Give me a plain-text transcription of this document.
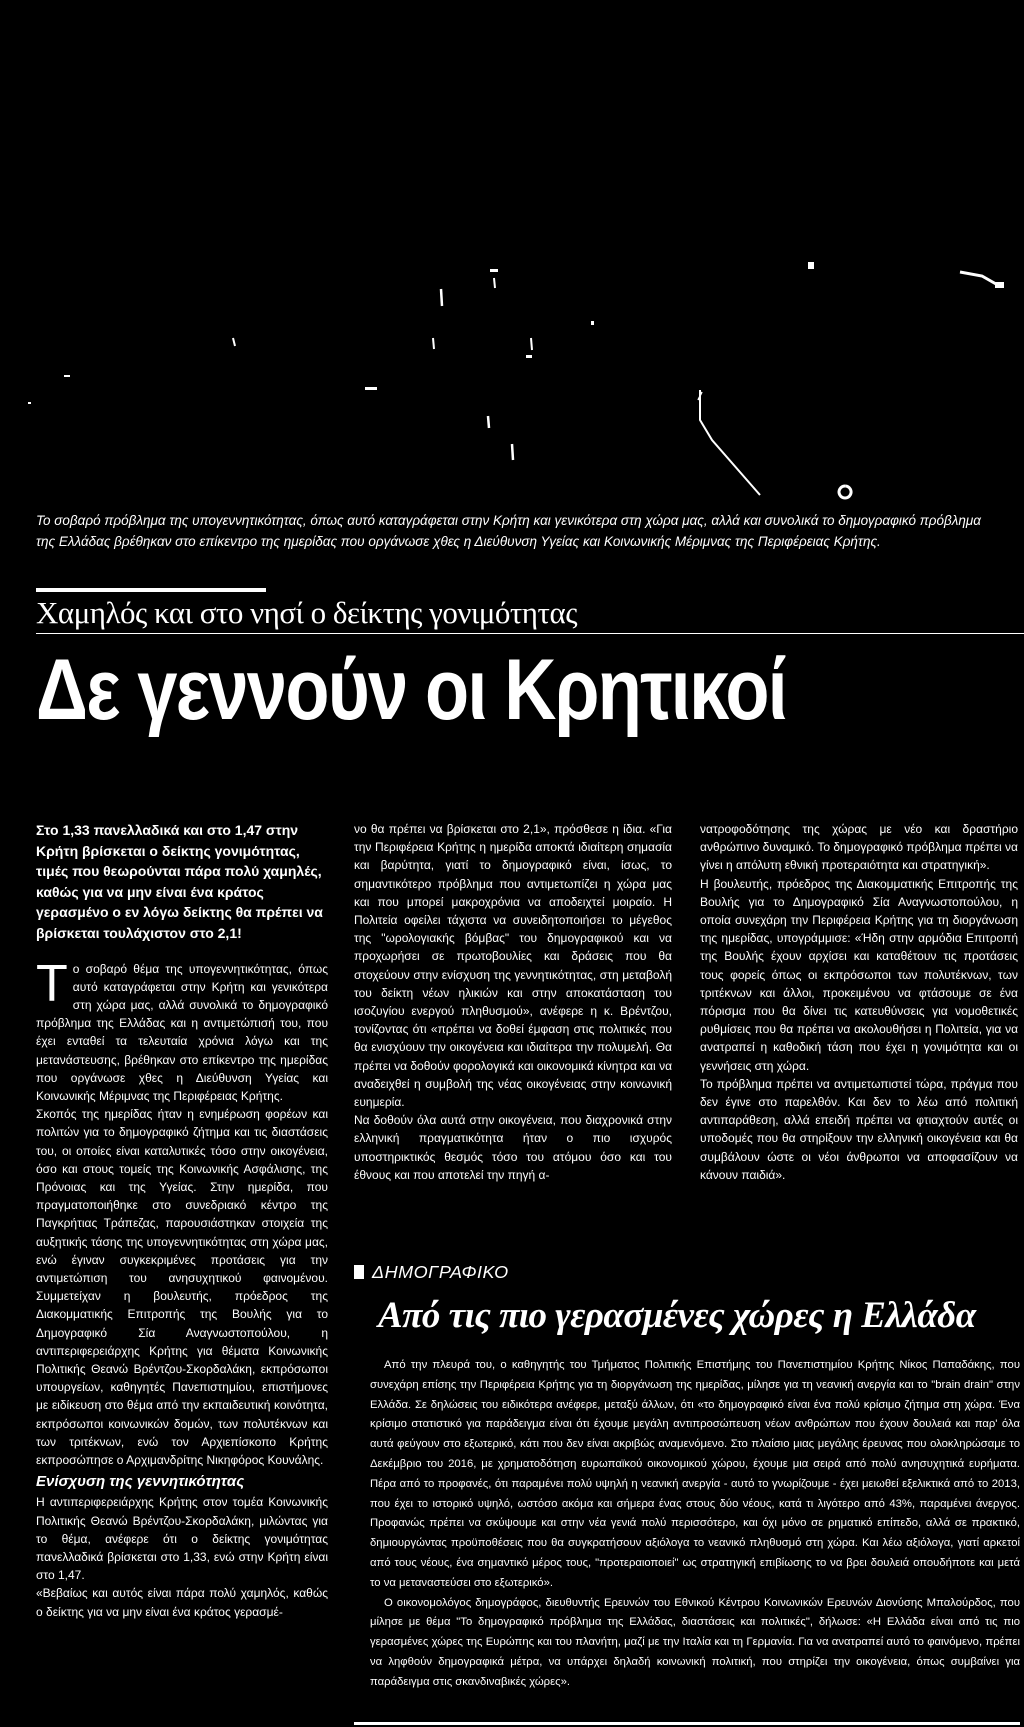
Το σοβαρό πρόβλημα της υπογεννητικότητας, όπως αυτό καταγράφεται στην Κρήτη και γενικότερα στη χώρα μας, αλλά και συνολικά το δημογραφικό πρόβλημα της Ελλάδας βρέθηκαν στο επίκεντρο της ημερίδας που οργάνωσε χθες η Διεύθυνση Υγείας και Κοινωνικής Μέριμνας της Περιφέρειας Κρήτης.
Χαμηλός και στο νησί ο δείκτης γονιμότητας
Δε γεννούν οι Κρητικοί

Στο 1,33 πανελλαδικά και στο 1,47 στην Κρήτη βρίσκεται ο δείκτης γονιμότητας, τιμές που θεωρούνται πάρα πολύ χαμηλές, καθώς για να μην είναι ένα κράτος γερασμένο ο εν λόγω δείκτης θα πρέπει να βρίσκεται τουλάχιστον στο 2,1!

Το σοβαρό θέμα της υπογεννητικότητας, όπως αυτό καταγράφεται στην Κρήτη και γενικότερα στη χώρα μας, αλλά συνολικά το δημογραφικό πρόβλημα της Ελλάδας και η αντιμετώπισή του, που έχει ενταθεί τα τελευταία χρόνια λόγω και της μετανάστευσης, βρέθηκαν στο επίκεντρο της ημερίδας που οργάνωσε χθες η Διεύθυνση Υγείας και Κοινωνικής Μέριμνας της Περιφέρειας Κρήτης.

Σκοπός της ημερίδας ήταν η ενημέρωση φορέων και πολιτών για το δημογραφικό ζήτημα και τις διαστάσεις του, οι οποίες είναι καταλυτικές τόσο στην οικογένεια, όσο και στους τομείς της Κοινωνικής Ασφάλισης, της Πρόνοιας και της Υγείας. Στην ημερίδα, που πραγματοποιήθηκε στο συνεδριακό κέντρο της Παγκρήτιας Τράπεζας, παρουσιάστηκαν στοιχεία της αυξητικής τάσης της υπογεννητικότητας στη χώρα μας, ενώ έγιναν συγκεκριμένες προτάσεις για την αντιμετώπιση του ανησυχητικού φαινομένου. Συμμετείχαν η βουλευτής, πρόεδρος της Διακομματικής Επιτροπής της Βουλής για το Δημογραφικό Σία Αναγνωστοπούλου, η αντιπεριφερειάρχης Κρήτης για θέματα Κοινωνικής Πολιτικής Θεανώ Βρέντζου-Σκορδαλάκη, εκπρόσωποι υπουργείων, καθηγητές Πανεπιστημίου, επιστήμονες με ειδίκευση στο θέμα από την εκπαιδευτική κοινότητα, εκπρόσωποι κοινωνικών δομών, των πολυτέκνων και των τριτέκνων, ενώ τον Αρχιεπίσκοπο Κρήτης εκπροσώπησε ο Αρχιμανδρίτης Νικηφόρος Κουνάλης.

Ενίσχυση της γεννητικότητας

Η αντιπεριφερειάρχης Κρήτης στον τομέα Κοινωνικής Πολιτικής Θεανώ Βρέντζου-Σκορδαλάκη, μιλώντας για το θέμα, ανέφερε ότι ο δείκτης γονιμότητας πανελλαδικά βρίσκεται στο 1,33, ενώ στην Κρήτη είναι στο 1,47.

«Βεβαίως και αυτός είναι πάρα πολύ χαμηλός, καθώς ο δείκτης για να μην είναι ένα κράτος γερασμέ-

νο θα πρέπει να βρίσκεται στο 2,1», πρόσθεσε η ίδια. «Για την Περιφέρεια Κρήτης η ημερίδα αποκτά ιδιαίτερη σημασία και βαρύτητα, γιατί το δημογραφικό είναι, ίσως, το σημαντικότερο πρόβλημα που αντιμετωπίζει η χώρα μας και που μπορεί μακροχρόνια να αποδειχτεί μοιραίο. Η Πολιτεία οφείλει τάχιστα να συνειδητοποιήσει το μέγεθος της "ωρολογιακής βόμβας" του δημογραφικού και να προχωρήσει σε πρωτοβουλίες και δράσεις που θα στοχεύουν στην ενίσχυση της γεννητικότητας, στη μεταβολή του δείκτη νέων ηλικιών και στην αποκατάσταση του ισοζυγίου ενεργού πληθυσμού», ανέφερε η κ. Βρέντζου, τονίζοντας ότι «πρέπει να δοθεί έμφαση στις πολιτικές που θα ενισχύουν την οικογένεια και ιδιαίτερα την πολυμελή. Θα πρέπει να δοθούν φορολογικά και οικονομικά κίνητρα και να αναδειχθεί η συμβολή της νέας οικογένειας στην κοινωνική ευημερία.

Να δοθούν όλα αυτά στην οικογένεια, που διαχρονικά στην ελληνική πραγματικότητα ήταν ο πιο ισχυρός υποστηρικτικός θεσμός τόσο του ατόμου όσο και του έθνους και που αποτελεί την πηγή α-

νατροφοδότησης της χώρας με νέο και δραστήριο ανθρώπινο δυναμικό. Το δημογραφικό πρόβλημα πρέπει να γίνει η απόλυτη εθνική προτεραιότητα και στρατηγική».

Η βουλευτής, πρόεδρος της Διακομματικής Επιτροπής της Βουλής για το Δημογραφικό Σία Αναγνωστοπούλου, η οποία συνεχάρη την Περιφέρεια Κρήτης για τη διοργάνωση της ημερίδας, υπογράμμισε: «Ήδη στην αρμόδια Επιτροπή της Βουλής έχουν αρχίσει και καταθέτουν τις προτάσεις τους φορείς όπως οι εκπρόσωποι των πολυτέκνων, των τριτέκνων και άλλοι, προκειμένου να φτάσουμε σε ένα πόρισμα που θα δίνει τις κατευθύνσεις για νομοθετικές ρυθμίσεις που θα πρέπει να ακολουθήσει η Πολιτεία, για να ανατραπεί η καθοδική τάση που έχει η γονιμότητα και οι γεννήσεις στη χώρα.

Το πρόβλημα πρέπει να αντιμετωπιστεί τώρα, πράγμα που δεν έγινε στο παρελθόν. Και δεν το λέω από πολιτική αντιπαράθεση, αλλά επειδή πρέπει να φτιαχτούν αυτές οι υποδομές που θα στηρίξουν την ελληνική οικογένεια και θα συμβάλουν ώστε οι νέοι άνθρωποι να αποφασίζουν να κάνουν παιδιά».

ΔΗΜΟΓΡΑΦΙΚΟ
Από τις πιο γερασμένες χώρες η Ελλάδα

Από την πλευρά του, ο καθηγητής του Τμήματος Πολιτικής Επιστήμης του Πανεπιστημίου Κρήτης Νίκος Παπαδάκης, που συνεχάρη επίσης την Περιφέρεια Κρήτης για τη διοργάνωση της ημερίδας, μίλησε για τη νεανική ανεργία και το "brain drain" στην Ελλάδα. Σε δηλώσεις του ειδικότερα ανέφερε, μεταξύ άλλων, ότι «το δημογραφικό είναι ένα πολύ κρίσιμο ζήτημα στη χώρα. Ένα κρίσιμο στατιστικό για παράδειγμα είναι ότι έχουμε μεγάλη αντιπροσώπευση νέων ανθρώπων που έχουν δουλειά και παρ' όλα αυτά φεύγουν στο εξωτερικό, κάτι που δεν είναι ακριβώς αναμενόμενο. Στο πλαίσιο μιας μεγάλης έρευνας που ολοκληρώσαμε το Δεκέμβριο του 2016, με χρηματοδότηση ευρωπαϊκού οικονομικού χώρου, έχουμε μια σειρά από πολύ ανησυχητικά ευρήματα. Πέρα από το προφανές, ότι παραμένει πολύ υψηλή η νεανική ανεργία - αυτό το γνωρίζουμε - έχει μειωθεί εξελικτικά από το 2013, που έχει το ιστορικό υψηλό, ωστόσο ακόμα και σήμερα ένας στους δύο νέους, κατά τι λιγότερο από 43%, παραμένει άνεργος. Προφανώς πρέπει να σκύψουμε και στην νέα γενιά πολύ περισσότερο, και όχι μόνο σε ρηματικό επίπεδο, αλλά σε πρακτικό, δημιουργώντας προϋποθέσεις που θα συγκρατήσουν αξιόλογα το νεανικό πληθυσμό στη χώρα. Και λέω αξιόλογα, γιατί αρκετοί από τους νέους, ένα σημαντικό μέρος τους, "προτεραιοποιεί" ως στρατηγική επιβίωσης το να βρει δουλειά οπουδήποτε και μετά το να μεταναστεύσει στο εξωτερικό».

Ο οικονομολόγος δημογράφος, διευθυντής Ερευνών του Εθνικού Κέντρου Κοινωνικών Ερευνών Διονύσης Μπαλούρδος, που μίλησε με θέμα "Το δημογραφικό πρόβλημα της Ελλάδας, διαστάσεις και πολιτικές", δήλωσε: «Η Ελλάδα είναι από τις πιο γερασμένες χώρες της Ευρώπης και του πλανήτη, μαζί με την Ιταλία και τη Γερμανία. Για να ανατραπεί αυτό το φαινόμενο, πρέπει να ληφθούν δημογραφικά μέτρα, να υπάρχει δηλαδή κοινωνική πολιτική, που στηρίζει την οικογένεια, όπως συμβαίνει για παράδειγμα στις σκανδιναβικές χώρες».
